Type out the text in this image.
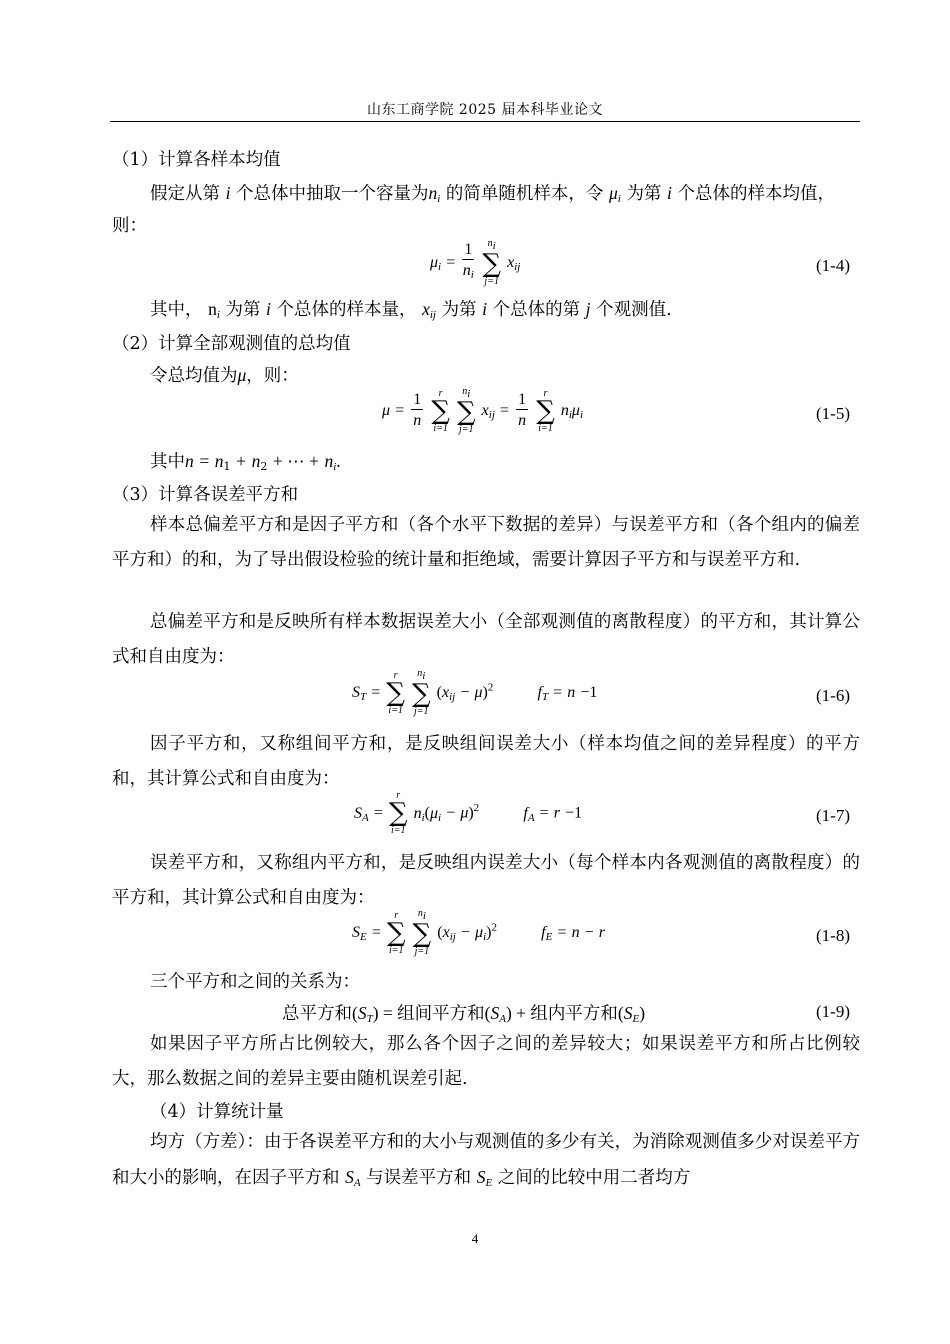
山东工商学院 2025 届本科毕业论文
（1）计算各样本均值
假定从第 i 个总体中抽取一个容量为$n_i$ 的简单随机样本，令 $\mu_i$ 为第 i 个总体的样本均值，
则：
$\mu_i = \frac{1}{n_i}$
	$n_i$
∑
j=1
$x_{ij}$	(1-4)
其中， $n_i$ 为第 i 个总体的样本量， $x_{ij}$ 为第 i 个总体的第 j 个观测值.
（2）计算全部观测值的总均值
令总均值为μ，则：
$\mu = \frac{1}{n}$
	r
∑
i=1

$n_i$
∑
j=1
$x_{ij} = \frac{1}{n}$
	r
∑
i=1
$n_i\mu_i$	(1-5)
其中$n = n_1 + n_2$ + ⋯ + $n_i$.
（3）计算各误差平方和
样本总偏差平方和是因子平方和（各个水平下数据的差异）与误差平方和（各个组内的偏差平方和）的和，为了导出假设检验的统计量和拒绝域，需要计算因子平方和与误差平方和.
总偏差平方和是反映所有样本数据误差大小（全部观测值的离散程度）的平方和，其计算公式和自由度为：
$S_T$ =
r
∑
i=1

$n_i$
∑
j=1
$(x_{ij} - \mu)^2$	$f_T = n -1$	(1-6)
因子平方和，又称组间平方和，是反映组间误差大小（样本均值之间的差异程度）的平方和，其计算公式和自由度为：
$S_A$ =
r
∑
i=1
$n_i(\mu_i - \mu)^2$	$f_A = r -1$	(1-7)
误差平方和，又称组内平方和，是反映组内误差大小（每个样本内各观测值的离散程度）的平方和，其计算公式和自由度为：
$S_E$ =
r
∑
i=1

$n_i$
∑
j=1
$(x_{ij} - \mu_i)^2$	$f_E = n - r$	(1-8)
三个平方和之间的关系为：
总平方和$(S_T)$ = 组间平方和$(S_A)$ + 组内平方和$(S_E)$	(1-9)
如果因子平方所占比例较大，那么各个因子之间的差异较大；如果误差平方和所占比例较大，那么数据之间的差异主要由随机误差引起.
（4）计算统计量
均方（方差）：由于各误差平方和的大小与观测值的多少有关，为消除观测值多少对误差平方和大小的影响，在因子平方和 $S_A$ 与误差平方和 $S_E$ 之间的比较中用二者均方
4
